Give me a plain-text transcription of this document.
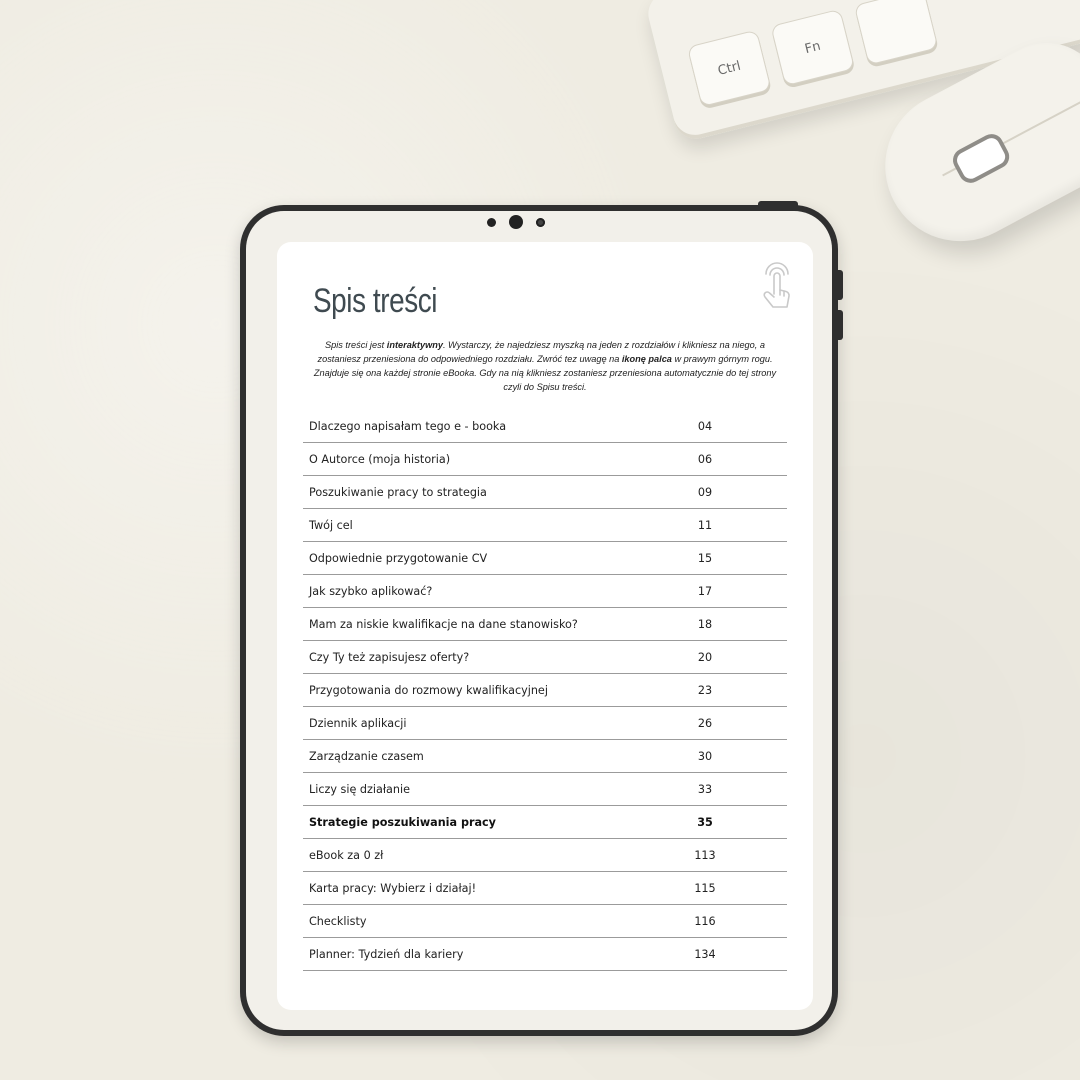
Ctrl
Fn
Spis treści
Spis treści jest interaktywny. Wystarczy, że najedziesz myszką na jeden z rozdziałów i klikniesz na niego, a zostaniesz przeniesiona do odpowiedniego rozdziału. Zwróć tez uwagę na ikonę palca w prawym górnym rogu. Znajduje się ona każdej stronie eBooka. Gdy na nią klikniesz zostaniesz przeniesiona automatycznie do tej strony czyli do Spisu treści.
Dlaczego napisałam tego e - booka	04
O Autorce (moja historia)	06
Poszukiwanie pracy to strategia	09
Twój cel	11
Odpowiednie przygotowanie CV	15
Jak szybko aplikować?	17
Mam za niskie kwalifikacje na dane stanowisko?	18
Czy Ty też zapisujesz oferty?	20
Przygotowania do rozmowy kwalifikacyjnej	23
Dziennik aplikacji	26
Zarządzanie czasem	30
Liczy się działanie	33
Strategie poszukiwania pracy	35
eBook za 0 zł	113
Karta pracy: Wybierz i działaj!	115
Checklisty	116
Planner: Tydzień dla kariery	134
